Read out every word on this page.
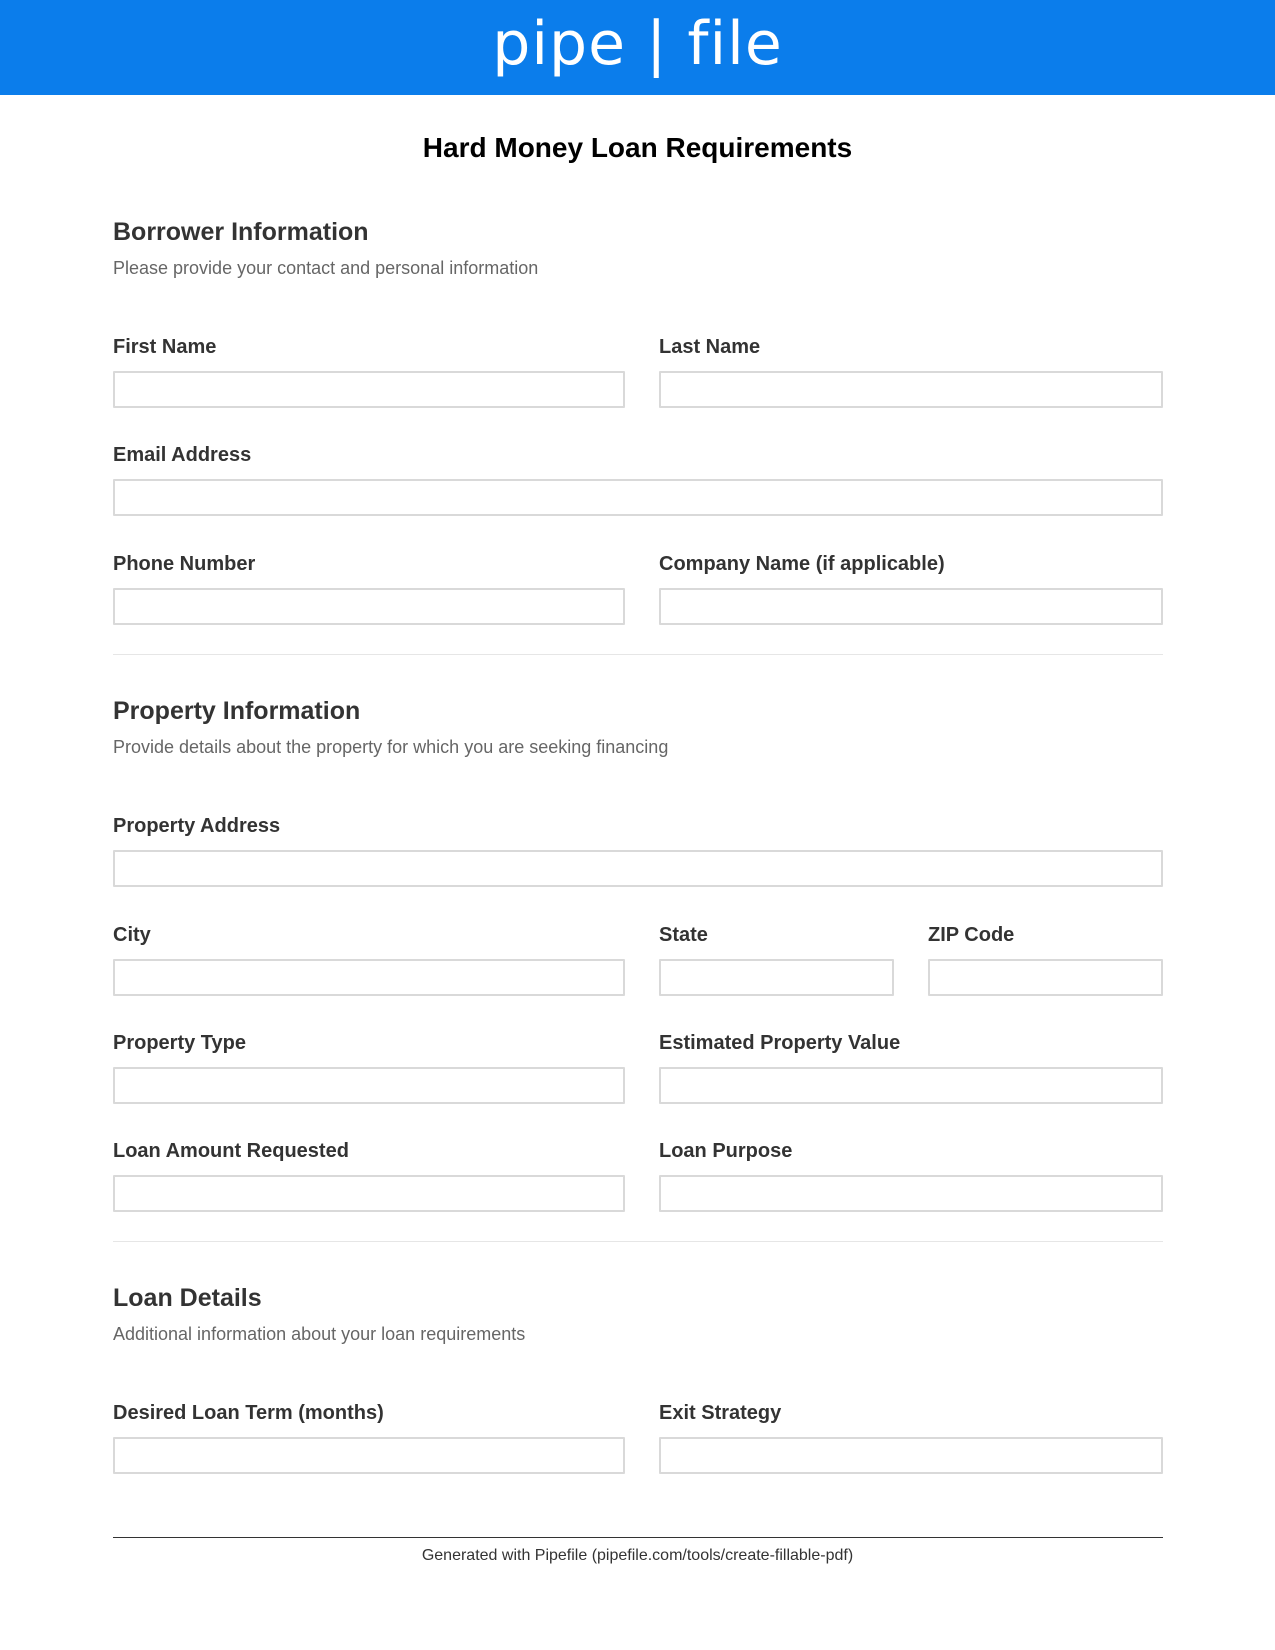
pipe | file
Hard Money Loan Requirements
Borrower Information
Please provide your contact and personal information
First Name	Last Name
Email Address
Phone Number	Company Name (if applicable)
Property Information
Provide details about the property for which you are seeking financing
Property Address
City	State	ZIP Code
Property Type	Estimated Property Value
Loan Amount Requested	Loan Purpose
Loan Details
Additional information about your loan requirements
Desired Loan Term (months)	Exit Strategy
Generated with Pipefile (pipefile.com/tools/create-fillable-pdf)
